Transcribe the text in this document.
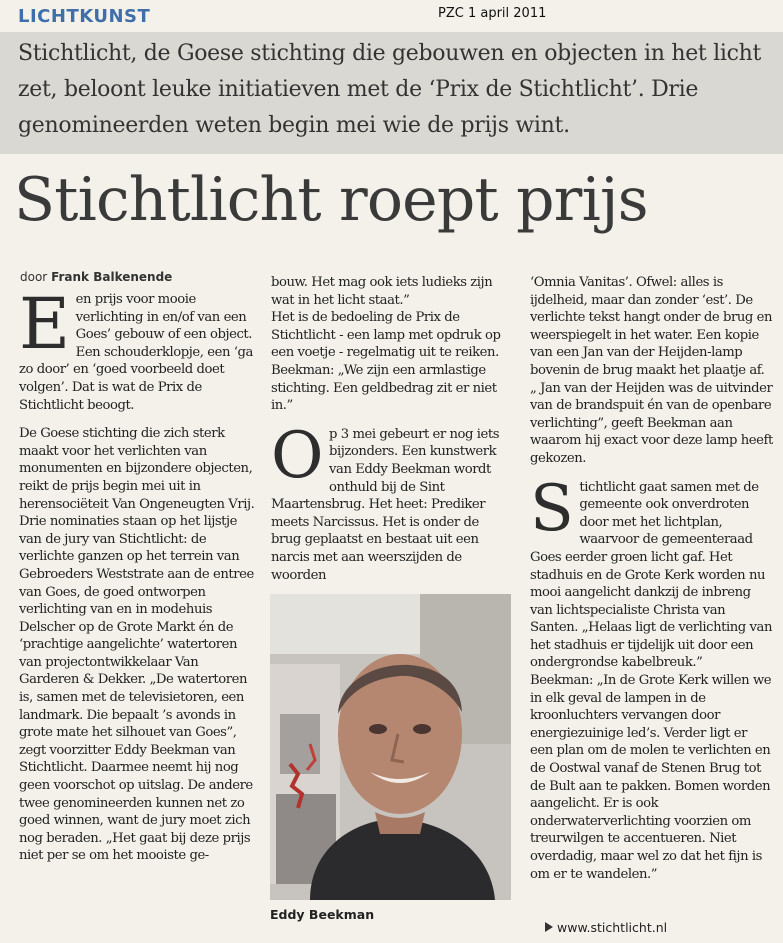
LICHTKUNST	PZC 1 april 2011
Stichtlicht, de Goese stichting die gebouwen en objecten in het licht zet, beloont leuke initiatieven met de ‘Prix de Stichtlicht’. Drie genomineerden weten begin mei wie de prijs wint.
Stichtlicht roept prijs
door Frank Balkenende

Een prijs voor mooie verlichting in en/of van een Goes’ gebouw of een object. Een schouderklopje, een ‘ga zo door’ en ‘goed voorbeeld doet volgen’. Dat is wat de Prix de Stichtlicht beoogt.

De Goese stichting die zich sterk maakt voor het verlichten van monumenten en bijzondere objecten, reikt de prijs begin mei uit in herensociëteit Van Ongeneugten Vrij.

Drie nominaties staan op het lijstje van de jury van Stichtlicht: de verlichte ganzen op het terrein van Gebroeders Weststrate aan de entree van Goes, de goed ontworpen verlichting van en in modehuis Delscher op de Grote Markt én de ‘prachtige aangelichte’ watertoren van projectontwikkelaar Van Garderen & Dekker. „De watertoren is, samen met de televisietoren, een landmark. Die bepaalt ’s avonds in grote mate het silhouet van Goes”, zegt voorzitter Eddy Beekman van Stichtlicht. Daarmee neemt hij nog geen voorschot op uitslag. De andere twee genomineerden kunnen net zo goed winnen, want de jury moet zich nog beraden. „Het gaat bij deze prijs niet per se om het mooiste ge-

bouw. Het mag ook iets ludieks zijn wat in het licht staat.”

Het is de bedoeling de Prix de Stichtlicht - een lamp met opdruk op een voetje - regelmatig uit te reiken. Beekman: „We zijn een armlastige stichting. Een geldbedrag zit er niet in.”

Op 3 mei gebeurt er nog iets bijzonders. Een kunstwerk van Eddy Beekman wordt onthuld bij de Sint Maartensbrug. Het heet: Prediker meets Narcissus. Het is onder de brug geplaatst en bestaat uit een narcis met aan weerszijden de woorden

Eddy Beekman

‘Omnia Vanitas’. Ofwel: alles is ijdelheid, maar dan zonder ‘est’. De verlichte tekst hangt onder de brug en weerspiegelt in het water. Een kopie van een Jan van der Heijden-lamp bovenin de brug maakt het plaatje af. „ Jan van der Heijden was de uitvinder van de brandspuit én van de openbare verlichting”, geeft Beekman aan waarom hij exact voor deze lamp heeft gekozen.

Stichtlicht gaat samen met de gemeente ook onverdroten door met het lichtplan, waarvoor de gemeenteraad Goes eerder groen licht gaf. Het stadhuis en de Grote Kerk worden nu mooi aangelicht dankzij de inbreng van lichtspecialiste Christa van Santen. „Helaas ligt de verlichting van het stadhuis er tijdelijk uit door een ondergrondse kabelbreuk.”

Beekman: „In de Grote Kerk willen we in elk geval de lampen in de kroonluchters vervangen door energiezuinige led’s. Verder ligt er een plan om de molen te verlichten en de Oostwal vanaf de Stenen Brug tot de Bult aan te pakken. Bomen worden aangelicht. Er is ook onderwaterverlichting voorzien om treurwilgen te accentueren. Niet overdadig, maar wel zo dat het fijn is om er te wandelen.”

www.stichtlicht.nl
